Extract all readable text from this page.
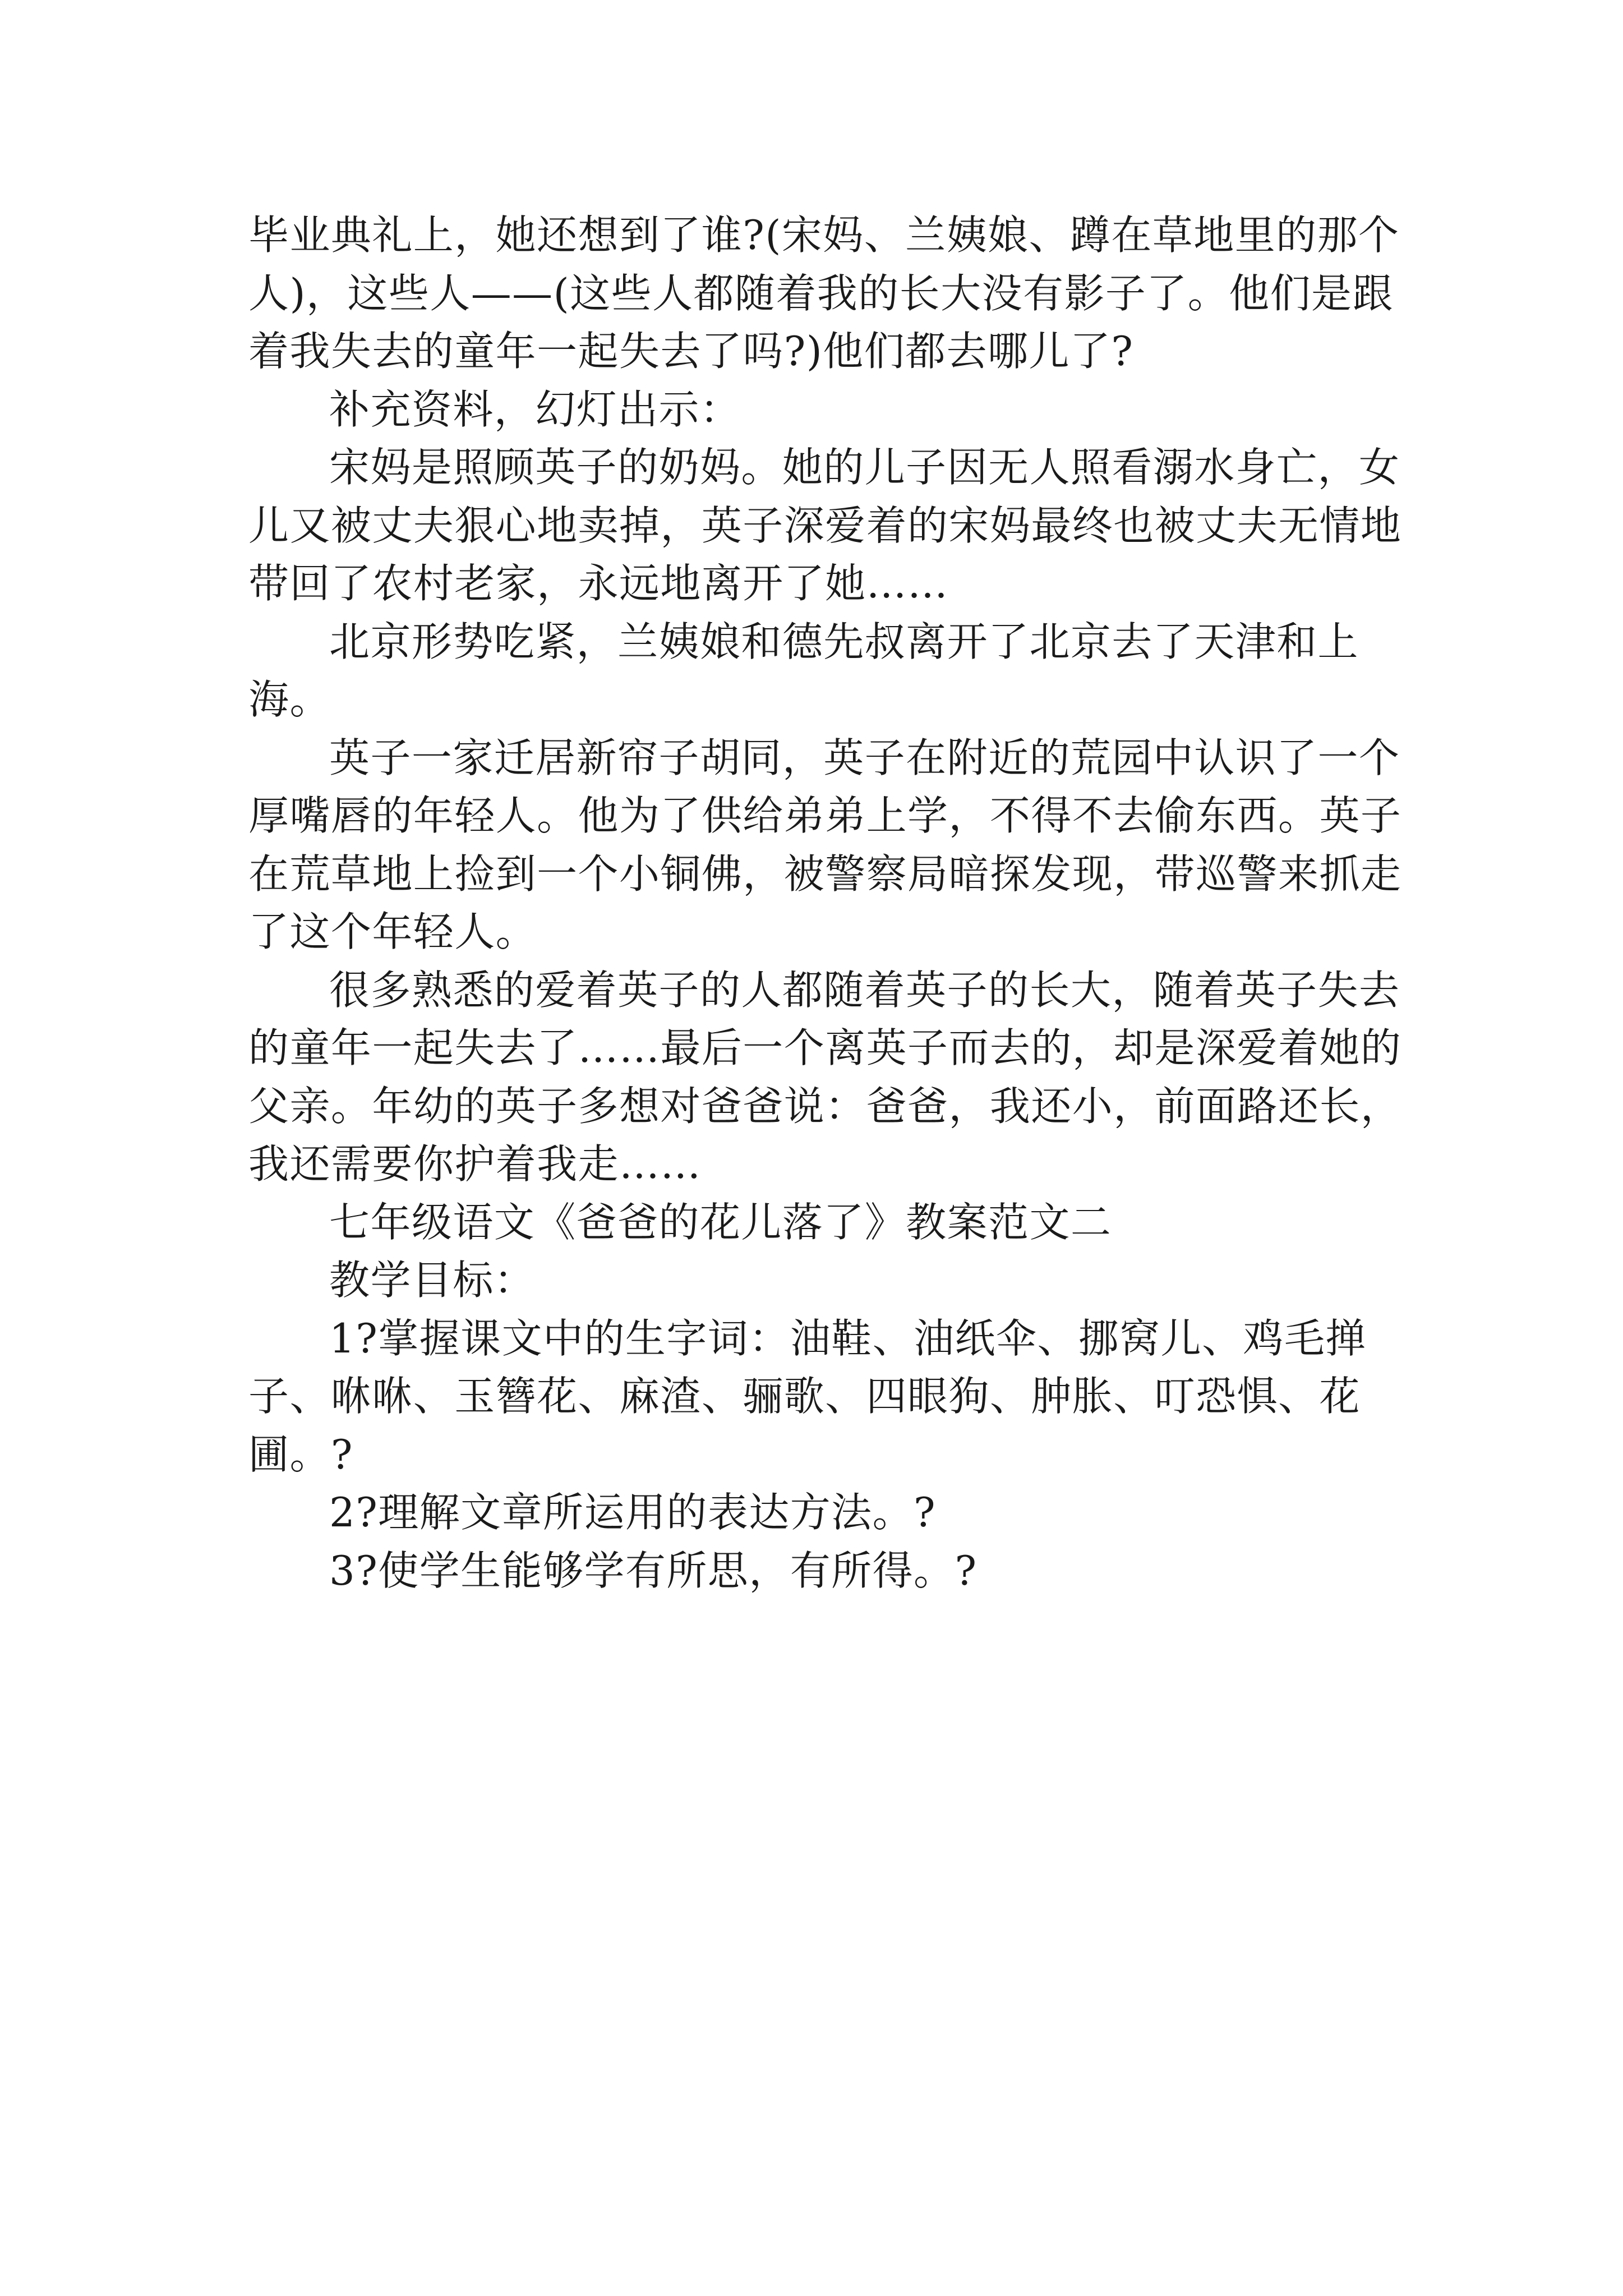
毕业典礼上，她还想到了谁?(宋妈、兰姨娘、蹲在草地里的那个人)，这些人——(这些人都随着我的长大没有影子了。他们是跟着我失去的童年一起失去了吗?)他们都去哪儿了?

补充资料，幻灯出示：

宋妈是照顾英子的奶妈。她的儿子因无人照看溺水身亡，女儿又被丈夫狠心地卖掉，英子深爱着的宋妈最终也被丈夫无情地带回了农村老家，永远地离开了她……

北京形势吃紧，兰姨娘和德先叔离开了北京去了天津和上海。

英子一家迁居新帘子胡同，英子在附近的荒园中认识了一个厚嘴唇的年轻人。他为了供给弟弟上学，不得不去偷东西。英子在荒草地上捡到一个小铜佛，被警察局暗探发现，带巡警来抓走了这个年轻人。

很多熟悉的爱着英子的人都随着英子的长大，随着英子失去的童年一起失去了……最后一个离英子而去的，却是深爱着她的父亲。年幼的英子多想对爸爸说：爸爸，我还小，前面路还长，我还需要你护着我走……

七年级语文《爸爸的花儿落了》教案范文二

教学目标：

1?掌握课文中的生字词：油鞋、油纸伞、挪窝儿、鸡毛掸子、咻咻、玉簪花、麻渣、骊歌、四眼狗、肿胀、叮恐惧、花圃。?

2?理解文章所运用的表达方法。?

3?使学生能够学有所思，有所得。?
